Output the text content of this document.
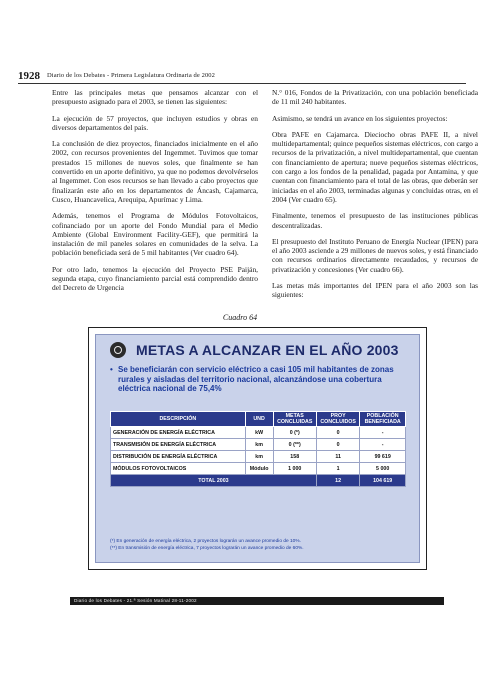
1928 Diario de los Debates - Primera Legislatura Ordinaria de 2002

Entre las principales metas que pensamos alcanzar con el presupuesto asignado para el 2003, se tienen las siguientes:

La ejecución de 57 proyectos, que incluyen estudios y obras en diversos departamentos del país.

La conclusión de diez proyectos, financiados inicialmente en el año 2002, con recursos provenientes del Ingemmet. Tuvimos que tomar prestados 15 millones de nuevos soles, que finalmente se han convertido en un aporte definitivo, ya que no podemos devolvérselos al Ingemmet. Con esos recursos se han llevado a cabo proyectos que finalizarán este año en los departamentos de Áncash, Cajamarca, Cusco, Huancavelica, Arequipa, Apurímac y Lima.

Además, tenemos el Programa de Módulos Fotovoltaicos, cofinanciado por un aporte del Fondo Mundial para el Medio Ambiente (Global Environment Facility-GEF), que permitirá la instalación de mil paneles solares en comunidades de la selva. La población beneficiada será de 5 mil habitantes (Ver cuadro 64).

Por otro lado, tenemos la ejecución del Proyecto PSE Paiján, segunda etapa, cuyo financiamiento parcial está comprendido dentro del Decreto de Urgencia

N.° 016, Fondos de la Privatización, con una población beneficiada de 11 mil 240 habitantes.

Asimismo, se tendrá un avance en los siguientes proyectos:

Obra PAFE en Cajamarca. Dieciocho obras PAFE II, a nivel multidepartamental; quince pequeños sistemas eléctricos, con cargo a recursos de la privatización, a nivel multidepartamental, que cuentan con financiamiento de apertura; nueve pequeños sistemas eléctricos, con cargo a los fondos de la penalidad, pagada por Antamina, y que cuentan con financiamiento para el total de las obras, que deberán ser iniciadas en el año 2003, terminadas algunas y concluidas otras, en el 2004 (Ver cuadro 65).

Finalmente, tenemos el presupuesto de las instituciones públicas descentralizadas.

El presupuesto del Instituto Peruano de Energía Nuclear (IPEN) para el año 2003 asciende a 29 millones de nuevos soles, y está financiado con recursos ordinarios directamente recaudados, y recursos de privatización y concesiones (Ver cuadro 66).

Las metas más importantes del IPEN para el año 2003 son las siguientes:

Cuadro 64
METAS A ALCANZAR EN EL AÑO 2003
• Se beneficiarán con servicio eléctrico a casi 105 mil habitantes de zonas rurales y aisladas del territorio nacional, alcanzándose una cobertura eléctrica nacional de 75,4%
DESCRIPCIÓN	UND	METAS CONCLUIDAS	PROY CONCLUIDOS	POBLACIÓN BENEFICIADA
GENERACIÓN DE ENERGÍA ELÉCTRICA	kW	0 (*)	0	-
TRANSMISIÓN DE ENERGÍA ELÉCTRICA	km	0 (**)	0	-
DISTRIBUCIÓN DE ENERGÍA ELÉCTRICA	km	158	11	99 619
MÓDULOS FOTOVOLTAICOS	Módulo	1 000	1	5 000
TOTAL 2003			12	104 619
(*) En generación de energía eléctrica, 2 proyectos lograrán un avance promedio de 10%.
(**) En transmisión de energía eléctrica, 7 proyectos lograrán un avance promedio de 60%.
Diario de los Debates - 21.ª Sesión Matinal 28-11-2002
